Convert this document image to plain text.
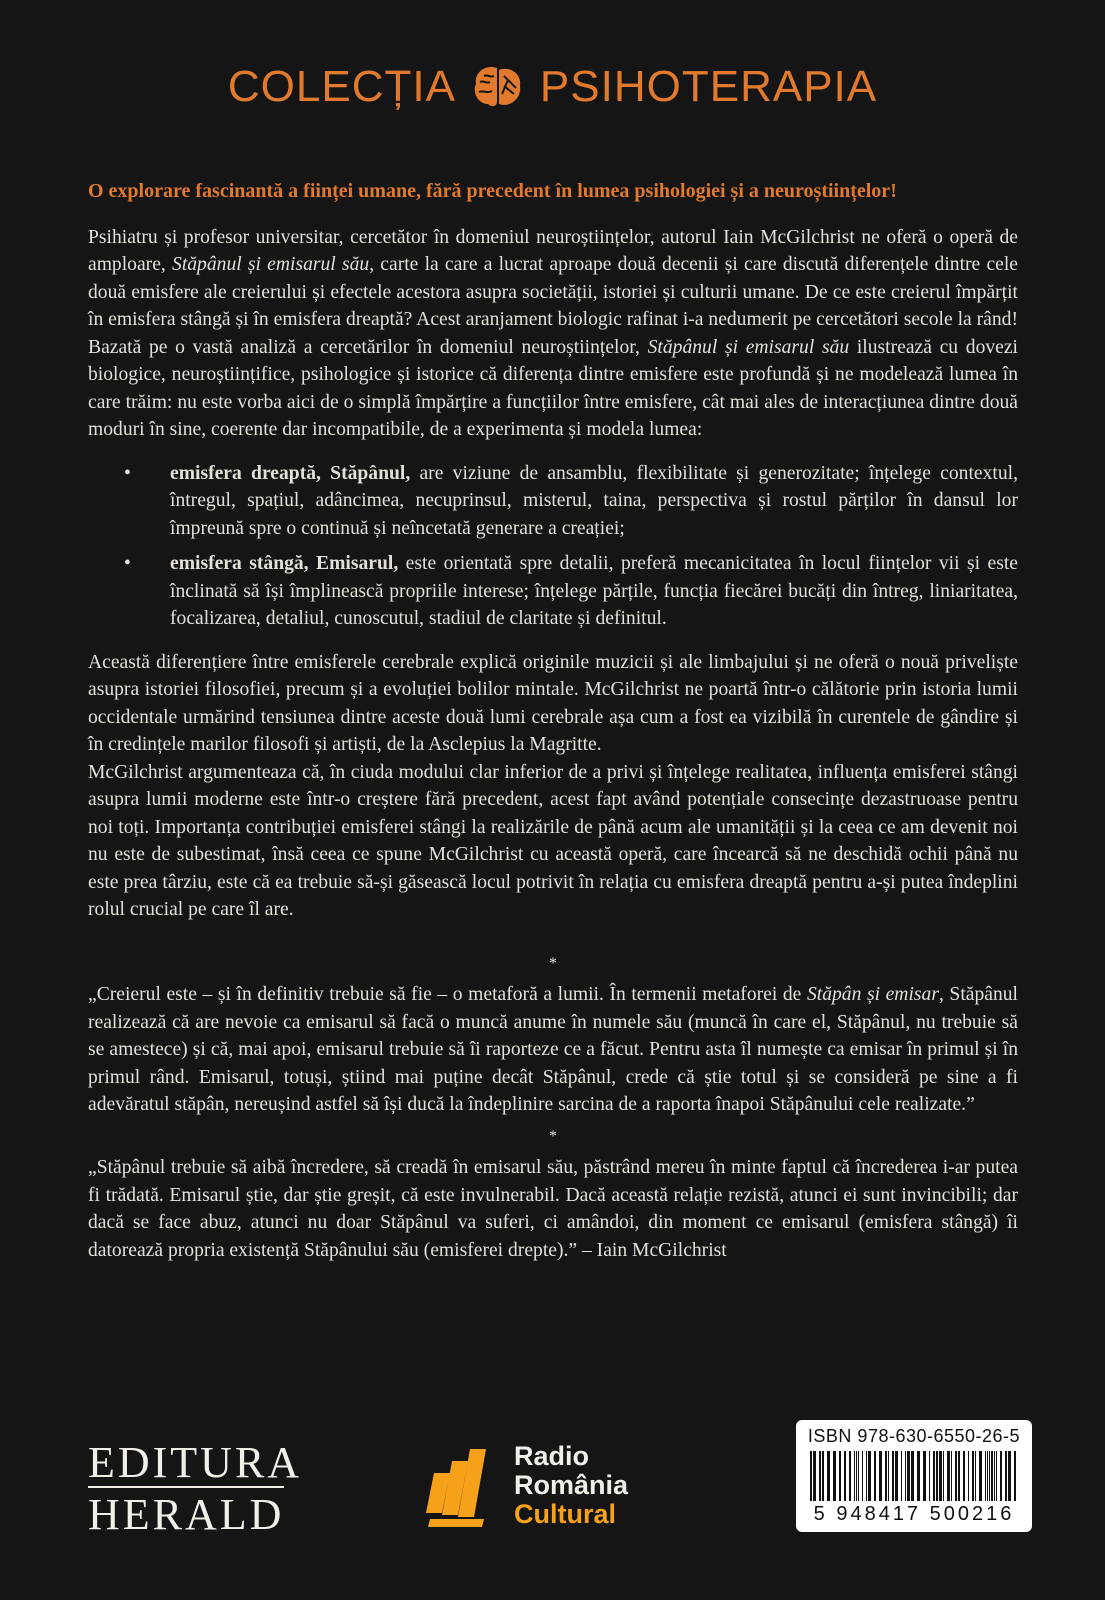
COLECȚIA PSIHOTERAPIA

O explorare fascinantă a ființei umane, fără precedent în lumea psihologiei și a neuroștiințelor!

Psihiatru și profesor universitar, cercetător în domeniul neuroștiințelor, autorul Iain McGilchrist ne oferă o operă de amploare, Stăpânul și emisarul său, carte la care a lucrat aproape două decenii și care discută diferențele dintre cele două emisfere ale creierului și efectele acestora asupra societății, istoriei și culturii umane. De ce este creierul împărțit în emisfera stângă și în emisfera dreaptă? Acest aranjament biologic rafinat i-a nedumerit pe cercetători secole la rând! Bazată pe o vastă analiză a cercetărilor în domeniul neuroștiințelor, Stăpânul și emisarul său ilustrează cu dovezi biologice, neuroștiințifice, psihologice și istorice că diferența dintre emisfere este profundă și ne modelează lumea în care trăim: nu este vorba aici de o simplă împărțire a funcțiilor între emisfere, cât mai ales de interacțiunea dintre două moduri în sine, coerente dar incompatibile, de a experimenta și modela lumea:

• emisfera dreaptă, Stăpânul, are viziune de ansamblu, flexibilitate și generozitate; înțelege contextul, întregul, spațiul, adâncimea, necuprinsul, misterul, taina, perspectiva și rostul părților în dansul lor împreună spre o continuă și neîncetată generare a creației;
• emisfera stângă, Emisarul, este orientată spre detalii, preferă mecanicitatea în locul ființelor vii și este înclinată să își împlinească propriile interese; înțelege părțile, funcția fiecărei bucăți din întreg, liniaritatea, focalizarea, detaliul, cunoscutul, stadiul de claritate și definitul.

Această diferențiere între emisferele cerebrale explică originile muzicii și ale limbajului și ne oferă o nouă priveliște asupra istoriei filosofiei, precum și a evoluției bolilor mintale. McGilchrist ne poartă într-o călătorie prin istoria lumii occidentale urmărind tensiunea dintre aceste două lumi cerebrale așa cum a fost ea vizibilă în curentele de gândire și în credințele marilor filosofi și artiști, de la Asclepius la Magritte.

McGilchrist argumenteaza că, în ciuda modului clar inferior de a privi și înțelege realitatea, influența emisferei stângi asupra lumii moderne este într-o creștere fără precedent, acest fapt având potențiale consecințe dezastruoase pentru noi toți. Importanța contribuției emisferei stângi la realizările de până acum ale umanității și la ceea ce am devenit noi nu este de subestimat, însă ceea ce spune McGilchrist cu această operă, care încearcă să ne deschidă ochii până nu este prea târziu, este că ea trebuie să-și găsească locul potrivit în relația cu emisfera dreaptă pentru a-și putea îndeplini rolul crucial pe care îl are.

*

„Creierul este – și în definitiv trebuie să fie – o metaforă a lumii. În termenii metaforei de Stăpân și emisar, Stăpânul realizează că are nevoie ca emisarul să facă o muncă anume în numele său (muncă în care el, Stăpânul, nu trebuie să se amestece) și că, mai apoi, emisarul trebuie să îi raporteze ce a făcut. Pentru asta îl numește ca emisar în primul și în primul rând. Emisarul, totuși, știind mai puține decât Stăpânul, crede că știe totul și se consideră pe sine a fi adevăratul stăpân, nereușind astfel să își ducă la îndeplinire sarcina de a raporta înapoi Stăpânului cele realizate.”

*

„Stăpânul trebuie să aibă încredere, să creadă în emisarul său, păstrând mereu în minte faptul că încrederea i-ar putea fi trădată. Emisarul știe, dar știe greșit, că este invulnerabil. Dacă această relație rezistă, atunci ei sunt invincibili; dar dacă se face abuz, atunci nu doar Stăpânul va suferi, ci amândoi, din moment ce emisarul (emisfera stângă) îi datorează propria existență Stăpânului său (emisferei drepte).” – Iain McGilchrist

EDITURA
HERALD
Radio
România
Cultural
ISBN 978-630-6550-26-5
5 948417 500216
